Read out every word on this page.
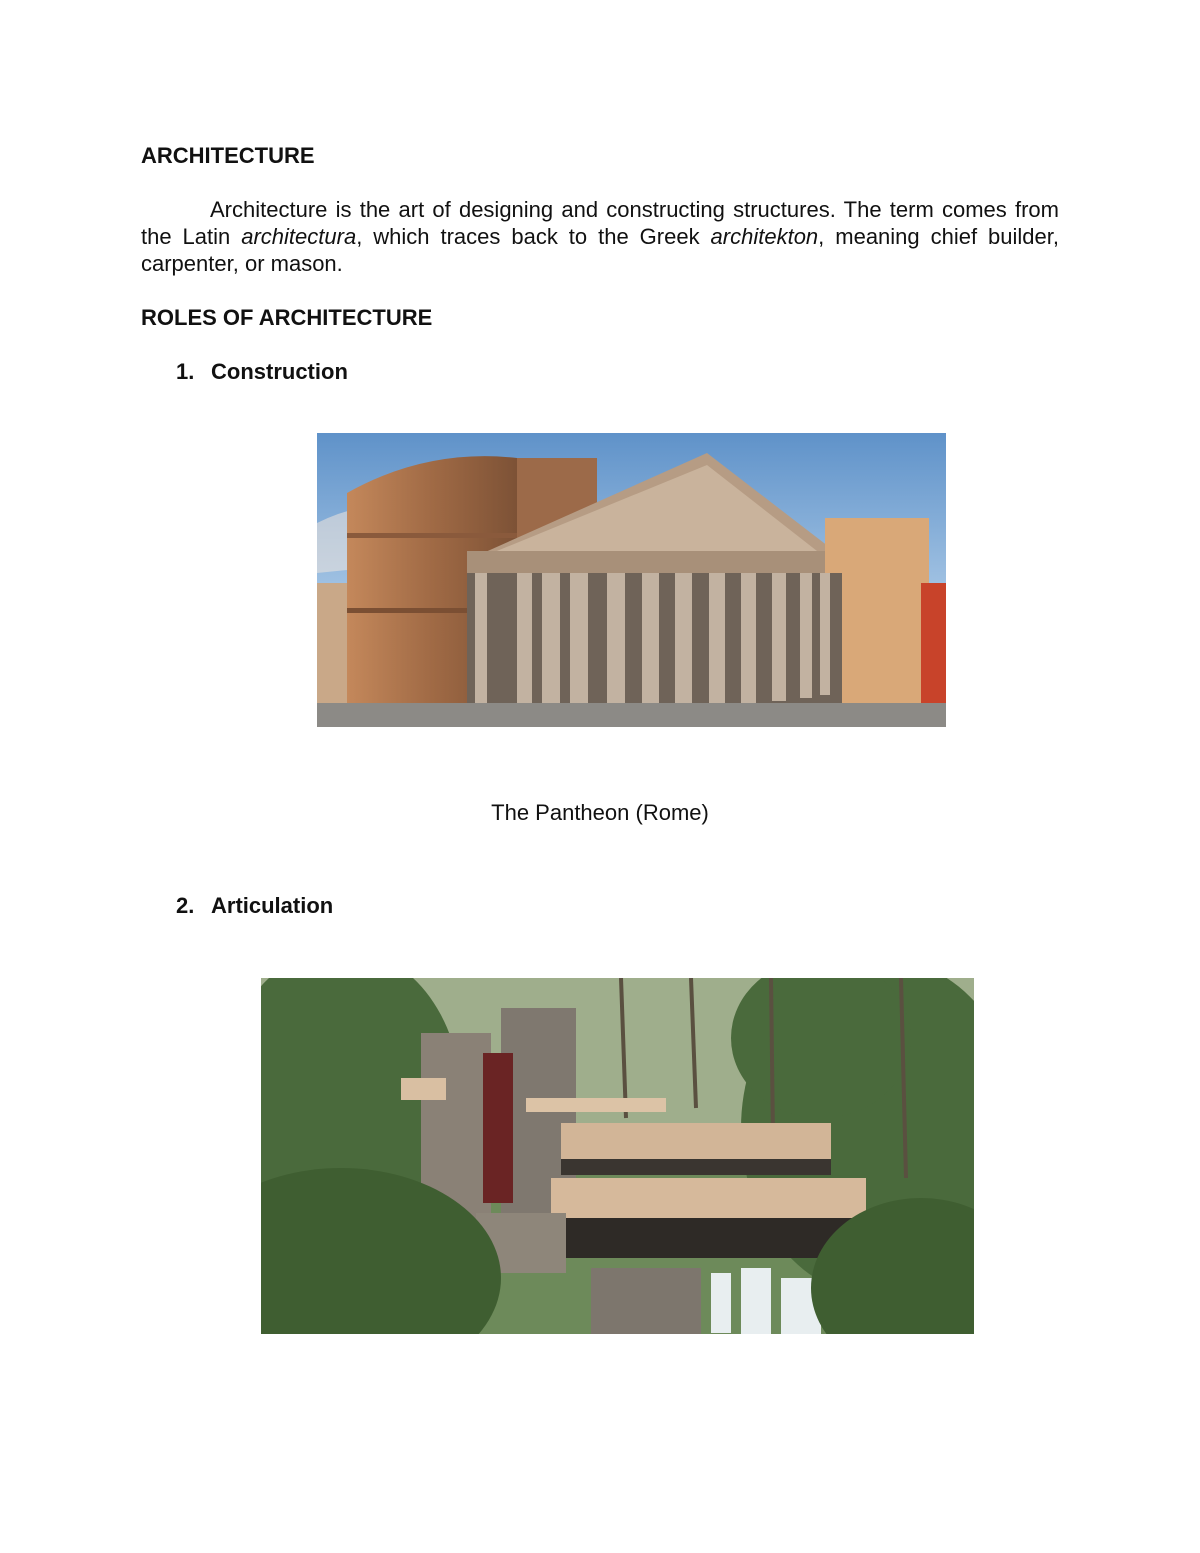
ARCHITECTURE
Architecture is the art of designing and constructing structures. The term comes from the Latin architectura, which traces back to the Greek architekton, meaning chief builder, carpenter, or mason.
ROLES OF ARCHITECTURE
1. Construction
The Pantheon (Rome)
2. Articulation
